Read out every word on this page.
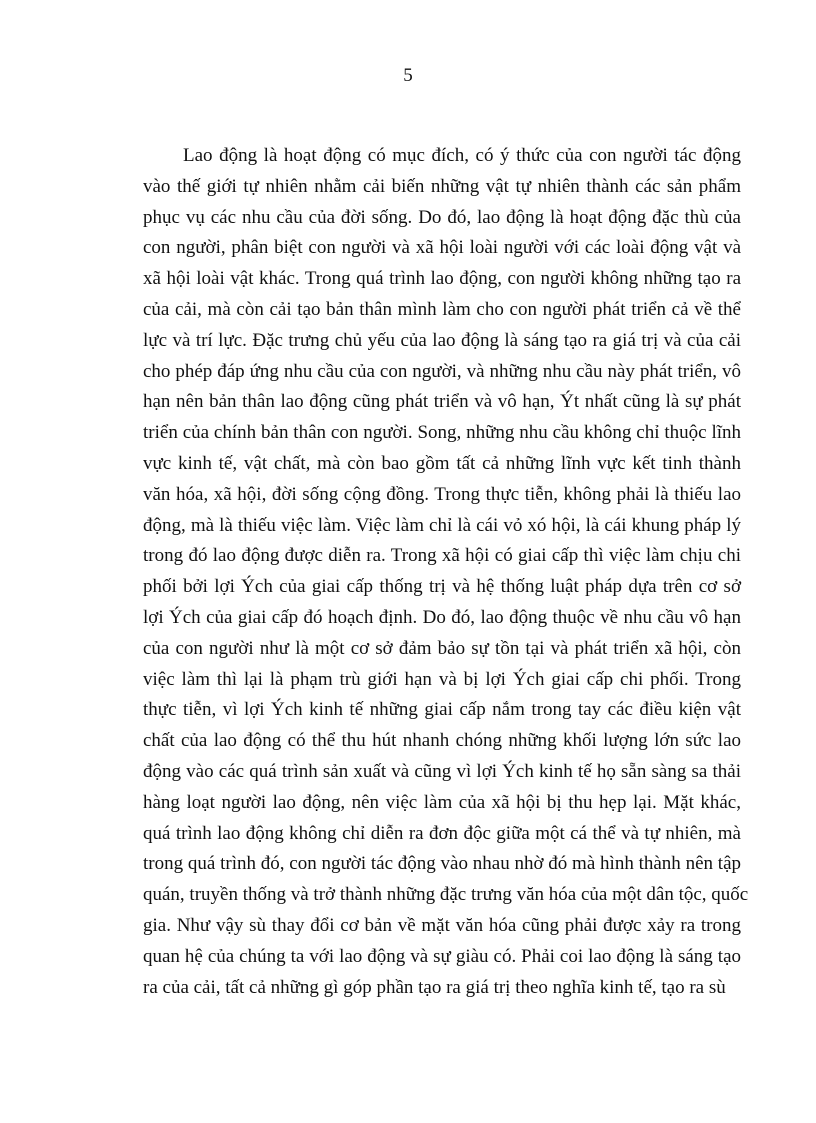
5
Lao động là hoạt động có mục đích, có ý thức của con người tác động
vào thế giới tự nhiên nhằm cải biến những vật tự nhiên thành các sản phẩm
phục vụ các nhu cầu của đời sống. Do đó, lao động là hoạt động đặc thù của
con người, phân biệt con người và xã hội loài người với các loài động vật và
xã hội loài vật khác. Trong quá trình lao động, con người không những tạo ra
của cải, mà còn cải tạo bản thân mình làm cho con người phát triển cả về thể
lực và trí lực. Đặc trưng chủ yếu của lao động là sáng tạo ra giá trị và của cải
cho phép đáp ứng nhu cầu của con người, và những nhu cầu này phát triển, vô
hạn nên bản thân lao động cũng phát triển và vô hạn, Ýt nhất cũng là sự phát
triển của chính bản thân con người. Song, những nhu cầu không chỉ thuộc lĩnh
vực kinh tế, vật chất, mà còn bao gồm tất cả những lĩnh vực kết tinh thành
văn hóa, xã hội, đời sống cộng đồng. Trong thực tiễn, không phải là thiếu lao
động, mà là thiếu việc làm. Việc làm chỉ là cái vỏ xó hội, là cái khung pháp lý
trong đó lao động được diễn ra. Trong xã hội có giai cấp thì việc làm chịu chi
phối bởi lợi Ých của giai cấp thống trị và hệ thống luật pháp dựa trên cơ sở
lợi Ých của giai cấp đó hoạch định. Do đó, lao động thuộc về nhu cầu vô hạn
của con người như là một cơ sở đảm bảo sự tồn tại và phát triển xã hội, còn
việc làm thì lại là phạm trù giới hạn và bị lợi Ých giai cấp chi phối. Trong
thực tiễn, vì lợi Ých kinh tế những giai cấp nắm trong tay các điều kiện vật
chất của lao động có thể thu hút nhanh chóng những khối lượng lớn sức lao
động vào các quá trình sản xuất và cũng vì lợi Ých kinh tế họ sẵn sàng sa thải
hàng loạt người lao động, nên việc làm của xã hội bị thu hẹp lại. Mặt khác,
quá trình lao động không chỉ diễn ra đơn độc giữa một cá thể và tự nhiên, mà
trong quá trình đó, con người tác động vào nhau nhờ đó mà hình thành nên tập
quán, truyền thống và trở thành những đặc trưng văn hóa của một dân tộc, quốc
gia. Như vậy sù thay đổi cơ bản về mặt văn hóa cũng phải được xảy ra trong
quan hệ của chúng ta với lao động và sự giàu có. Phải coi lao động là sáng tạo
ra của cải, tất cả những gì góp phần tạo ra giá trị theo nghĩa kinh tế, tạo ra sù
